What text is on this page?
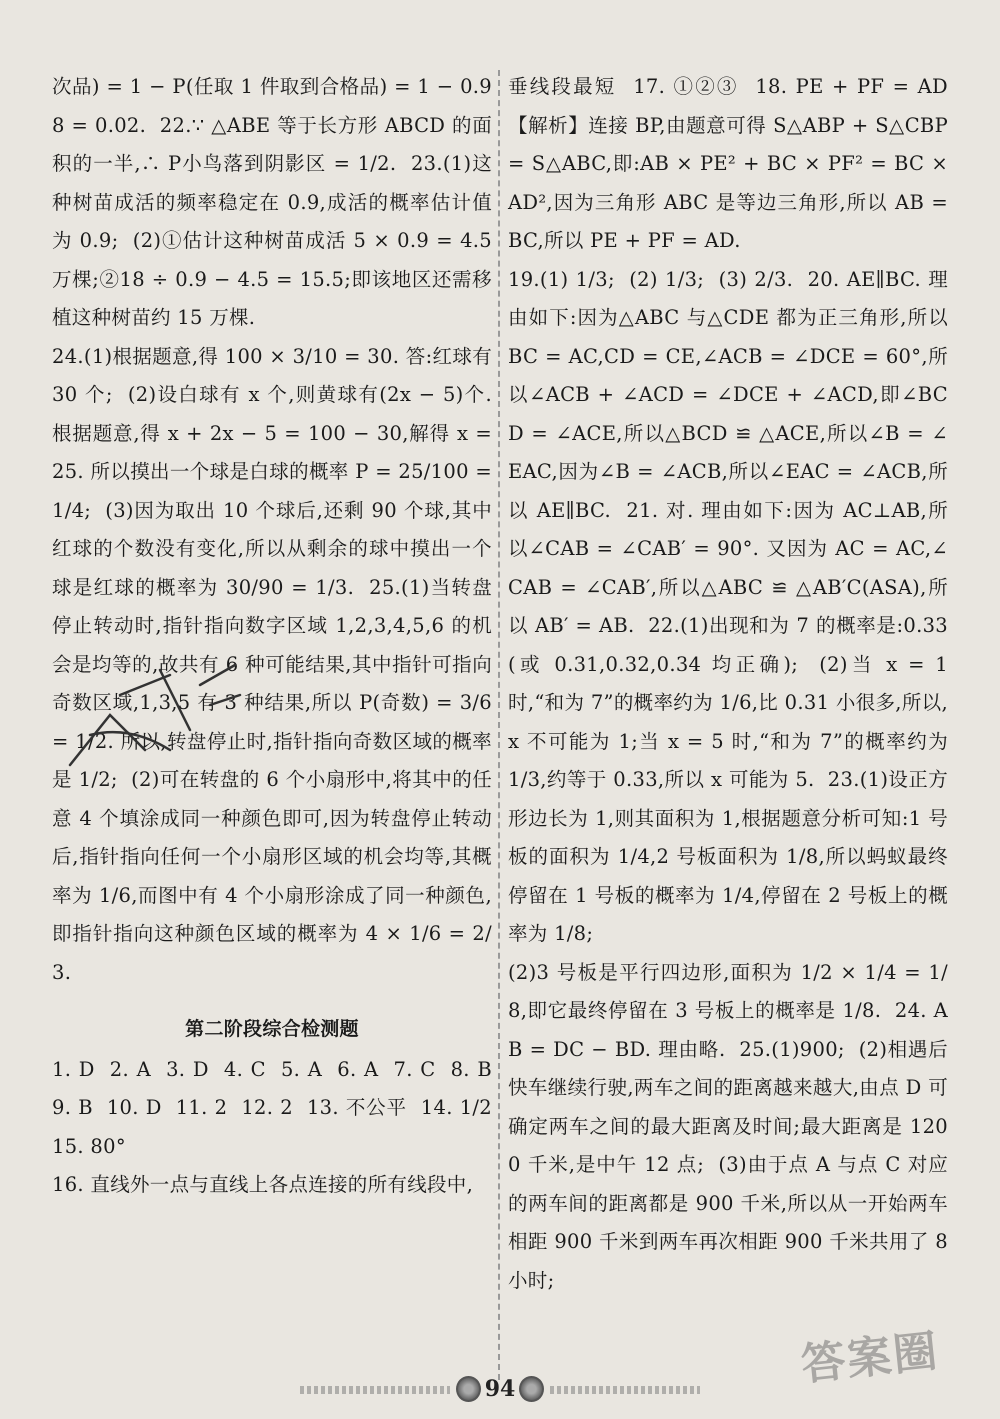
次品) = 1 − P(任取 1 件取到合格品) = 1 − 0.98 = 0.02.  22.∵ △ABE 等于长方形 ABCD 的面积的一半,∴ P小鸟落到阴影区 = 1/2.  23.(1)这种树苗成活的频率稳定在 0.9,成活的概率估计值为 0.9;  (2)①估计这种树苗成活 5 × 0.9 = 4.5 万棵;②18 ÷ 0.9 − 4.5 = 15.5;即该地区还需移植这种树苗约 15 万棵.

24.(1)根据题意,得 100 × 3/10 = 30. 答:红球有 30 个;  (2)设白球有 x 个,则黄球有(2x − 5)个. 根据题意,得 x + 2x − 5 = 100 − 30,解得 x = 25. 所以摸出一个球是白球的概率 P = 25/100 = 1/4;  (3)因为取出 10 个球后,还剩 90 个球,其中红球的个数没有变化,所以从剩余的球中摸出一个球是红球的概率为 30/90 = 1/3.  25.(1)当转盘停止转动时,指针指向数字区域 1,2,3,4,5,6 的机会是均等的,故共有 6 种可能结果,其中指针可指向奇数区域,1,3,5 有 3 种结果,所以 P(奇数) = 3/6 = 1/2. 所以,转盘停止时,指针指向奇数区域的概率是 1/2;  (2)可在转盘的 6 个小扇形中,将其中的任意 4 个填涂成同一种颜色即可,因为转盘停止转动后,指针指向任何一个小扇形区域的机会均等,其概率为 1/6,而图中有 4 个小扇形涂成了同一种颜色,即指针指向这种颜色区域的概率为 4 × 1/6 = 2/3.

第二阶段综合检测题

1. D  2. A  3. D  4. C  5. A  6. A  7. C  8. B  9. B  10. D  11. 2  12. 2  13. 不公平  14. 1/2  15. 80°

16. 直线外一点与直线上各点连接的所有线段中,

垂线段最短  17. ①②③  18. PE + PF = AD  【解析】连接 BP,由题意可得 S△ABP + S△CBP = S△ABC,即:AB × PE² + BC × PF² = BC × AD²,因为三角形 ABC 是等边三角形,所以 AB = BC,所以 PE + PF = AD.

19.(1) 1/3;  (2) 1/3;  (3) 2/3.  20. AE∥BC. 理由如下:因为△ABC 与△CDE 都为正三角形,所以 BC = AC,CD = CE,∠ACB = ∠DCE = 60°,所以∠ACB + ∠ACD = ∠DCE + ∠ACD,即∠BCD = ∠ACE,所以△BCD ≌ △ACE,所以∠B = ∠EAC,因为∠B = ∠ACB,所以∠EAC = ∠ACB,所以 AE∥BC.  21. 对. 理由如下:因为 AC⊥AB,所以∠CAB = ∠CAB′ = 90°. 又因为 AC = AC,∠CAB = ∠CAB′,所以△ABC ≌ △AB′C(ASA),所以 AB′ = AB.  22.(1)出现和为 7 的概率是:0.33(或 0.31,0.32,0.34 均正确);  (2)当 x = 1 时,“和为 7”的概率约为 1/6,比 0.31 小很多,所以,x 不可能为 1;当 x = 5 时,“和为 7”的概率约为 1/3,约等于 0.33,所以 x 可能为 5.  23.(1)设正方形边长为 1,则其面积为 1,根据题意分析可知:1 号板的面积为 1/4,2 号板面积为 1/8,所以蚂蚁最终停留在 1 号板的概率为 1/4,停留在 2 号板上的概率为 1/8;

(2)3 号板是平行四边形,面积为 1/2 × 1/4 = 1/8,即它最终停留在 3 号板上的概率是 1/8.  24. AB = DC − BD. 理由略.  25.(1)900;  (2)相遇后快车继续行驶,两车之间的距离越来越大,由点 D 可确定两车之间的最大距离及时间;最大距离是 1200 千米,是中午 12 点;  (3)由于点 A 与点 C 对应的两车间的距离都是 900 千米,所以从一开始两车相距 900 千米到两车再次相距 900 千米共用了 8 小时;

94	答案圈
